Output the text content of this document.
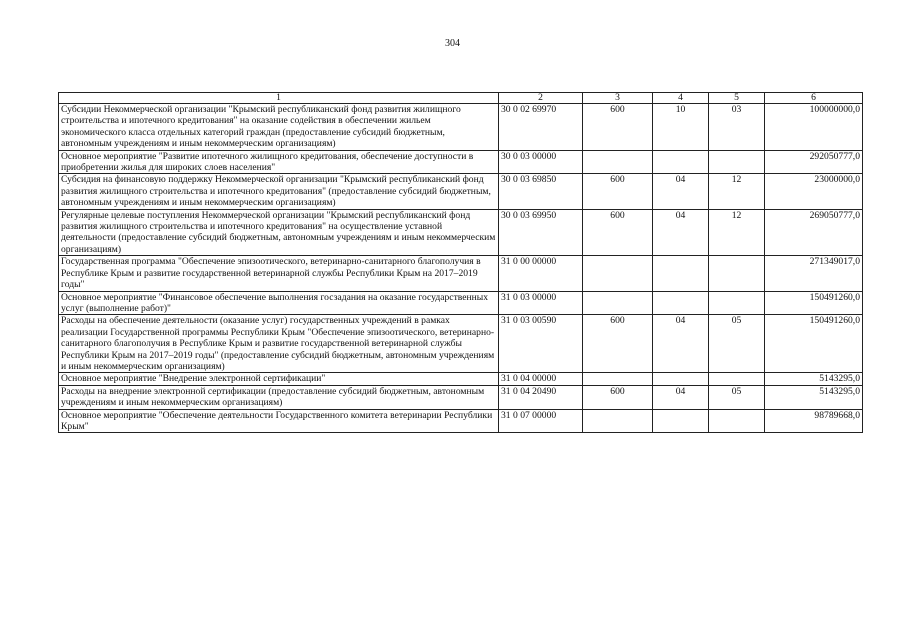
304
1	2	3	4	5	6
Субсидии Некоммерческой организации "Крымский республиканский фонд развития жилищного строительства и ипотечного кредитования" на оказание содействия в обеспечении жильем экономического класса отдельных категорий граждан (предоставление субсидий бюджетным, автономным учреждениям и иным некоммерческим организациям)	30 0 02 69970	600	10	03	100000000,0
Основное мероприятие "Развитие ипотечного жилищного кредитования, обеспечение доступности в приобретении жилья для широких слоев населения"	30 0 03 00000				292050777,0
Субсидия на финансовую поддержку Некоммерческой организации "Крымский республиканский фонд развития жилищного строительства и ипотечного кредитования" (предоставление субсидий бюджетным, автономным учреждениям и иным некоммерческим организациям)	30 0 03 69850	600	04	12	23000000,0
Регулярные целевые поступления Некоммерческой организации "Крымский республиканский фонд развития жилищного строительства и ипотечного кредитования" на осуществление уставной деятельности (предоставление субсидий бюджетным, автономным учреждениям и иным некоммерческим организациям)	30 0 03 69950	600	04	12	269050777,0
Государственная программа "Обеспечение эпизоотического, ветеринарно-санитарного благополучия в Республике Крым и развитие государственной ветеринарной службы Республики Крым на 2017–2019 годы"	31 0 00 00000				271349017,0
Основное мероприятие "Финансовое обеспечение выполнения госзадания на оказание государственных услуг (выполнение работ)"	31 0 03 00000				150491260,0
Расходы на обеспечение деятельности (оказание услуг) государственных учреждений в рамках реализации Государственной программы Республики Крым "Обеспечение эпизоотического, ветеринарно-санитарного благополучия в Республике Крым и развитие государственной ветеринарной службы Республики Крым на 2017–2019 годы" (предоставление субсидий бюджетным, автономным учреждениям и иным некоммерческим организациям)	31 0 03 00590	600	04	05	150491260,0
Основное мероприятие "Внедрение электронной сертификации"	31 0 04 00000				5143295,0
Расходы на внедрение электронной сертификации (предоставление субсидий бюджетным, автономным учреждениям и иным некоммерческим организациям)	31 0 04 20490	600	04	05	5143295,0
Основное мероприятие "Обеспечение деятельности Государственного комитета ветеринарии Республики Крым"	31 0 07 00000				98789668,0
